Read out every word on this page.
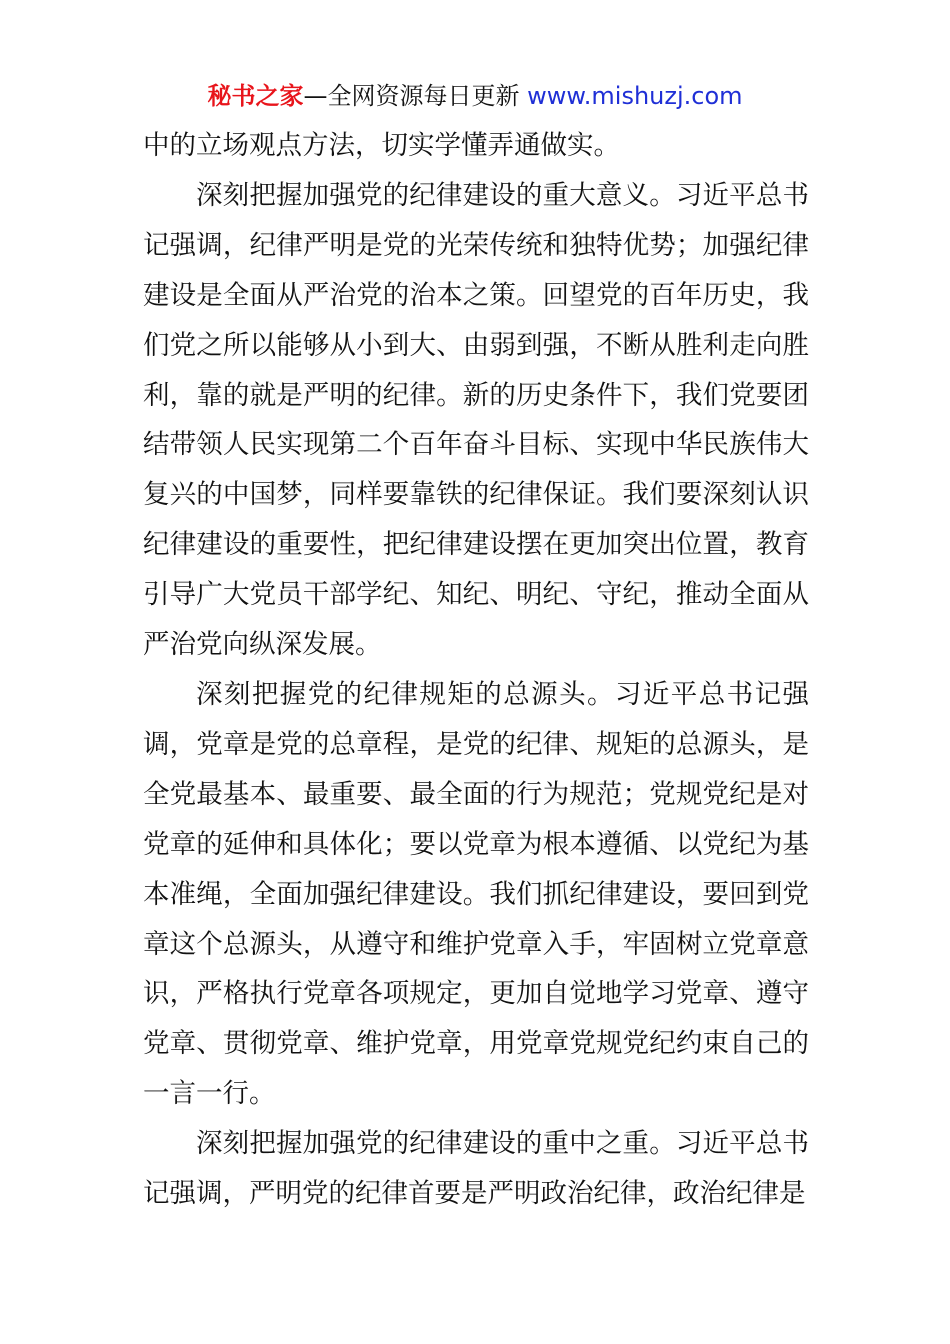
秘书之家—全网资源每日更新 www.mishuzj.com

中的立场观点方法，切实学懂弄通做实。

深刻把握加强党的纪律建设的重大意义。习近平总书记强调，纪律严明是党的光荣传统和独特优势；加强纪律建设是全面从严治党的治本之策。回望党的百年历史，我们党之所以能够从小到大、由弱到强，不断从胜利走向胜利，靠的就是严明的纪律。新的历史条件下，我们党要团结带领人民实现第二个百年奋斗目标、实现中华民族伟大复兴的中国梦，同样要靠铁的纪律保证。我们要深刻认识纪律建设的重要性，把纪律建设摆在更加突出位置，教育引导广大党员干部学纪、知纪、明纪、守纪，推动全面从严治党向纵深发展。

深刻把握党的纪律规矩的总源头。习近平总书记强调，党章是党的总章程，是党的纪律、规矩的总源头，是全党最基本、最重要、最全面的行为规范；党规党纪是对党章的延伸和具体化；要以党章为根本遵循、以党纪为基本准绳，全面加强纪律建设。我们抓纪律建设，要回到党章这个总源头，从遵守和维护党章入手，牢固树立党章意识，严格执行党章各项规定，更加自觉地学习党章、遵守党章、贯彻党章、维护党章，用党章党规党纪约束自己的一言一行。

深刻把握加强党的纪律建设的重中之重。习近平总书记强调，严明党的纪律首要是严明政治纪律，政治纪律是
